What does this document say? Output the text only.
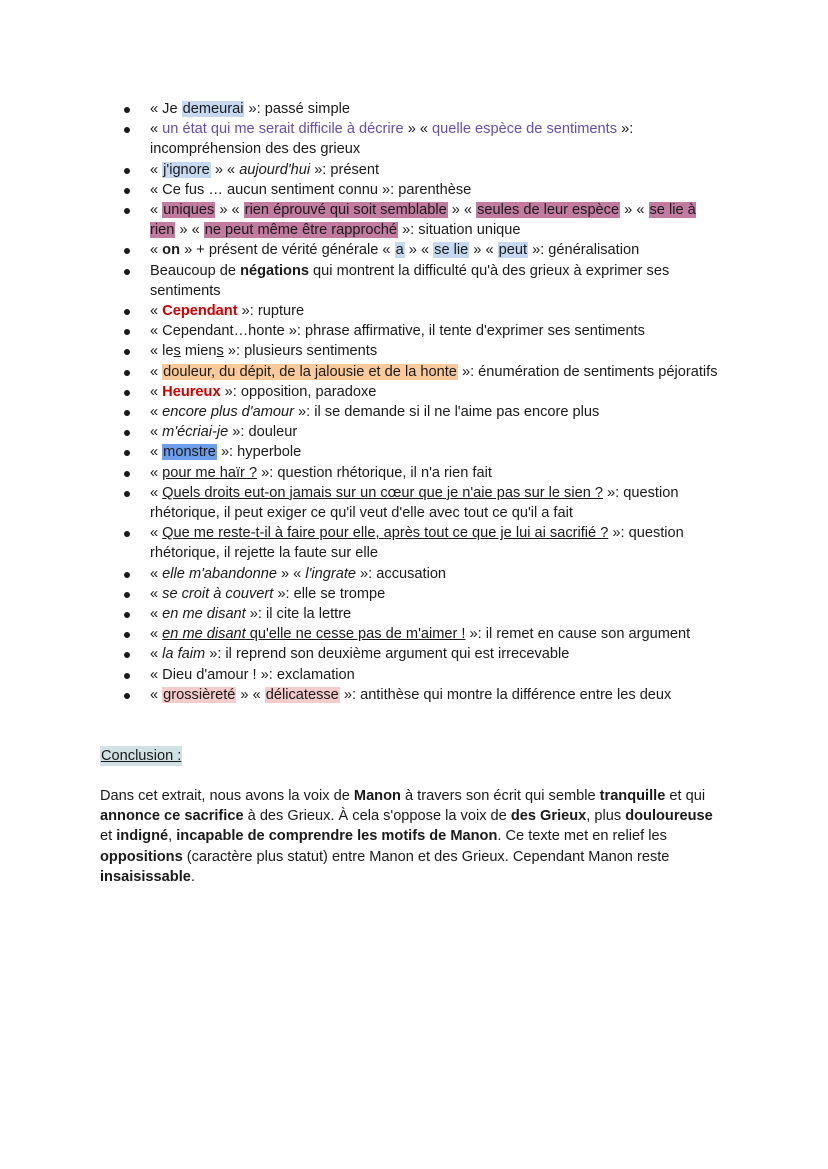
« Je demeurai »: passé simple
« un état qui me serait difficile à décrire » « quelle espèce de sentiments »: incompréhension des des grieux
« j'ignore » « aujourd'hui »: présent
« Ce fus … aucun sentiment connu »: parenthèse
« uniques » « rien éprouvé qui soit semblable » « seules de leur espèce » « se lie à rien » « ne peut même être rapproché »: situation unique
« on » + présent de vérité générale « a » « se lie » « peut »: généralisation
Beaucoup de négations qui montrent la difficulté qu'à des grieux à exprimer ses sentiments
« Cependant »: rupture
« Cependant…honte »: phrase affirmative, il tente d'exprimer ses sentiments
« les miens »: plusieurs sentiments
« douleur, du dépit, de la jalousie et de la honte »: énumération de sentiments péjoratifs
« Heureux »: opposition, paradoxe
« encore plus d'amour »: il se demande si il ne l'aime pas encore plus
« m'écriai-je »: douleur
« monstre »: hyperbole
« pour me haïr ? »: question rhétorique, il n'a rien fait
« Quels droits eut-on jamais sur un cœur que je n'aie pas sur le sien ? »: question rhétorique, il peut exiger ce qu'il veut d'elle avec tout ce qu'il a fait
« Que me reste-t-il à faire pour elle, après tout ce que je lui ai sacrifié ? »: question rhétorique, il rejette la faute sur elle
« elle m'abandonne » « l'ingrate »: accusation
« se croit à couvert »: elle se trompe
« en me disant »: il cite la lettre
« en me disant qu'elle ne cesse pas de m'aimer ! »: il remet en cause son argument
« la faim »: il reprend son deuxième argument qui est irrecevable
« Dieu d'amour ! »: exclamation
« grossièreté » « délicatesse »: antithèse qui montre la différence entre les deux
Conclusion :

Dans cet extrait, nous avons la voix de Manon à travers son écrit qui semble tranquille et qui annonce ce sacrifice à des Grieux. À cela s'oppose la voix de des Grieux, plus douloureuse et indigné, incapable de comprendre les motifs de Manon. Ce texte met en relief les oppositions (caractère plus statut) entre Manon et des Grieux. Cependant Manon reste insaisissable.
